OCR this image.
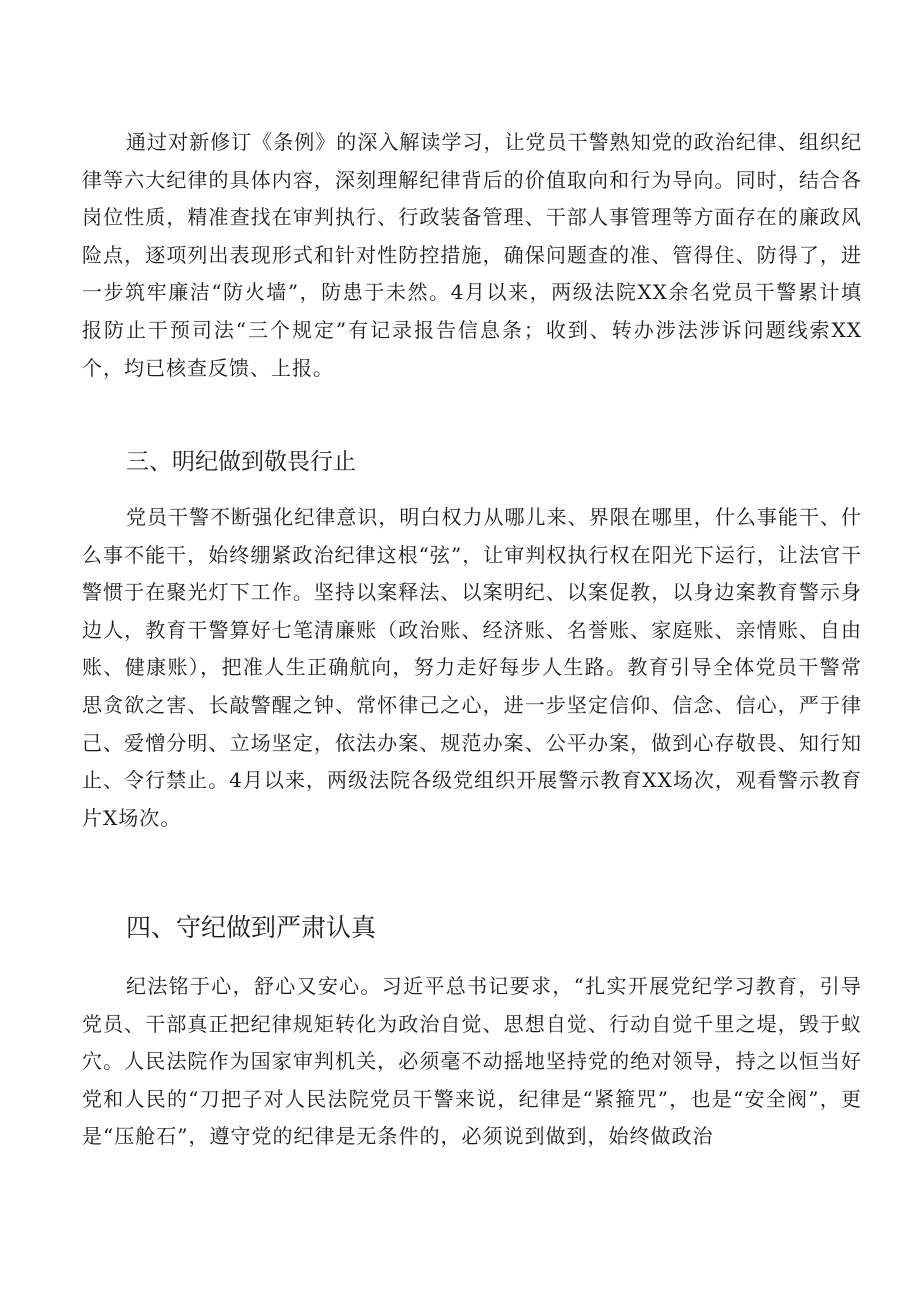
通过对新修订《条例》的深入解读学习，让党员干警熟知党的政治纪律、组织纪律等六大纪律的具体内容，深刻理解纪律背后的价值取向和行为导向。同时，结合各岗位性质，精准查找在审判执行、行政装备管理、干部人事管理等方面存在的廉政风险点，逐项列出表现形式和针对性防控措施，确保问题查的准、管得住、防得了，进一步筑牢廉洁“防火墙”，防患于未然。4月以来，两级法院XX余名党员干警累计填报防止干预司法“三个规定”有记录报告信息条；收到、转办涉法涉诉问题线索XX个，均已核查反馈、上报。

三、明纪做到敬畏行止

党员干警不断强化纪律意识，明白权力从哪儿来、界限在哪里，什么事能干、什么事不能干，始终绷紧政治纪律这根“弦”，让审判权执行权在阳光下运行，让法官干警惯于在聚光灯下工作。坚持以案释法、以案明纪、以案促教，以身边案教育警示身边人，教育干警算好七笔清廉账（政治账、经济账、名誉账、家庭账、亲情账、自由账、健康账），把准人生正确航向，努力走好每步人生路。教育引导全体党员干警常思贪欲之害、长敲警醒之钟、常怀律己之心，进一步坚定信仰、信念、信心，严于律己、爱憎分明、立场坚定，依法办案、规范办案、公平办案，做到心存敬畏、知行知止、令行禁止。4月以来，两级法院各级党组织开展警示教育XX场次，观看警示教育片X场次。

四、守纪做到严肃认真

纪法铭于心，舒心又安心。习近平总书记要求，“扎实开展党纪学习教育，引导党员、干部真正把纪律规矩转化为政治自觉、思想自觉、行动自觉千里之堤，毁于蚁穴。人民法院作为国家审判机关，必须毫不动摇地坚持党的绝对领导，持之以恒当好党和人民的“刀把子对人民法院党员干警来说，纪律是“紧箍咒”，也是“安全阀”，更是“压舱石”，遵守党的纪律是无条件的，必须说到做到，始终做政治
